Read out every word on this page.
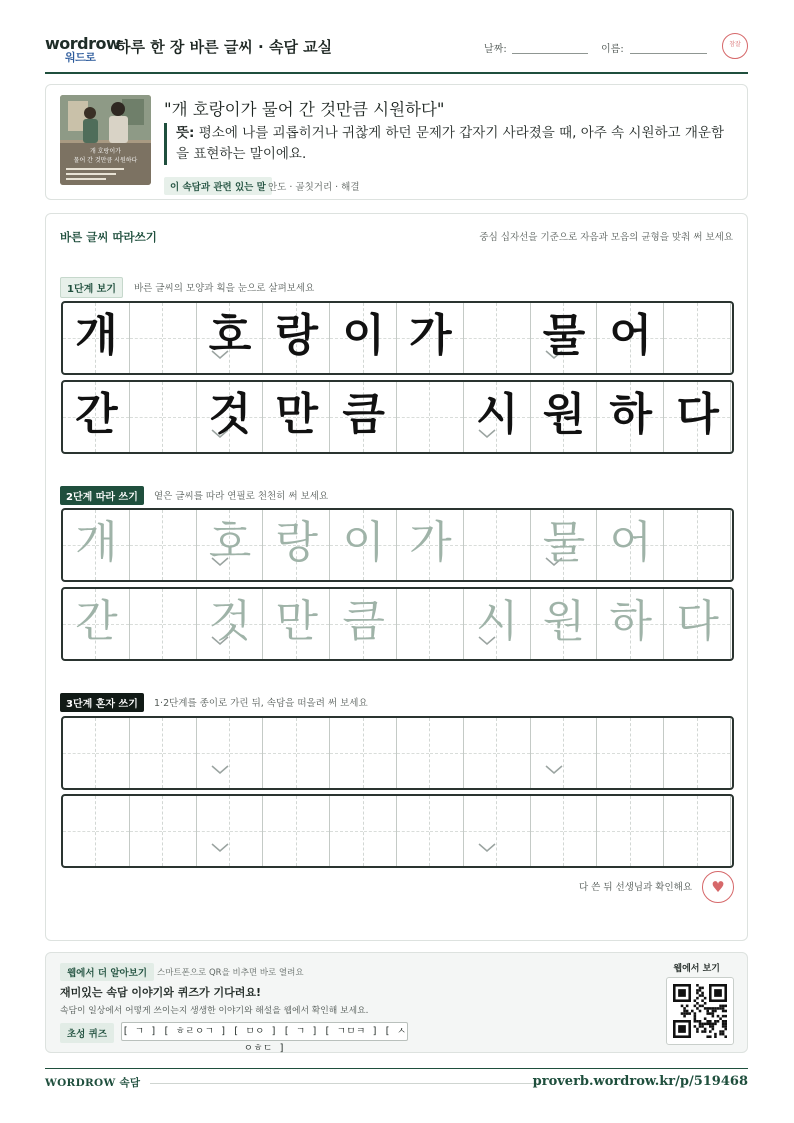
wordrow
워드로
하루 한 장 바른 글씨 · 속담 교실	날짜:	이름:	참잘
개 호랑이가
물어 간 것만큼 시원하다
"개 호랑이가 물어 간 것만큼 시원하다"
뜻: 평소에 나를 괴롭히거나 귀찮게 하던 문제가 갑자기 사라졌을 때, 아주 속 시원하고 개운함을 표현하는 말이에요.
이 속담과 관련 있는 말 안도 · 골칫거리 · 해결
바른 글씨 따라쓰기	중심 십자선을 기준으로 자음과 모음의 균형을 맞춰 써 보세요
1단계 보기	바른 글씨의 모양과 획을 눈으로 살펴보세요
개 호 랑 이 가 물 어
간 것 만 큼 시 원 하 다
2단계 따라 쓰기	옅은 글씨를 따라 연필로 천천히 써 보세요
개 호 랑 이 가 물 어
간 것 만 큼 시 원 하 다
3단계 혼자 쓰기	1·2단계를 종이로 가린 뒤, 속담을 떠올려 써 보세요
다 쓴 뒤 선생님과 확인해요	♥
웹에서 더 알아보기	스마트폰으로 QR을 비추면 바로 열려요
재미있는 속담 이야기와 퀴즈가 기다려요!
속담이 일상에서 어떻게 쓰이는지 생생한 이야기와 해설을 웹에서 확인해 보세요.
초성 퀴즈	[ ㄱ ] [ ㅎㄹㅇㄱ ] [ ㅁㅇ ] [ ㄱ ] [ ㄱㅁㅋ ] [ ㅅㅇㅎㄷ ]
웹에서 보기
WORDROW 속담	proverb.wordrow.kr/p/519468
